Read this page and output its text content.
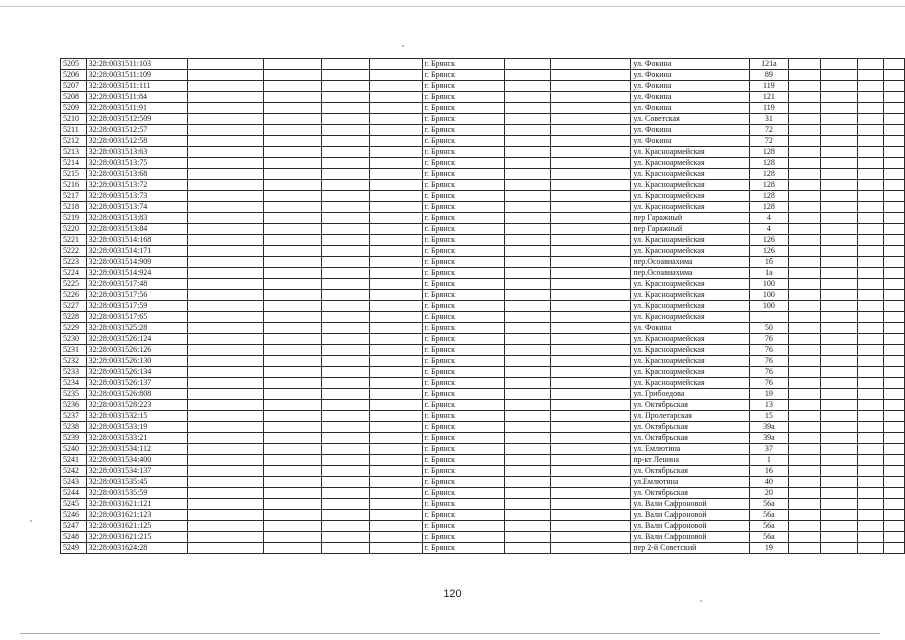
5205	32:28:0031511:103					г. Брянск			ул. Фокина	121а				
5206	32:28:0031511:109					г. Брянск			ул. Фокина	89				
5207	32:28:0031511:111					г. Брянск			ул. Фокина	119				
5208	32:28:0031511:84					г. Брянск			ул. Фокина	121				
5209	32:28:0031511:91					г. Брянск			ул. Фокина	119				
5210	32:28:0031512:509					г. Брянск			ул. Советская	31				
5211	32:28:0031512:57					г. Брянск			ул. Фокина	72				
5212	32:28:0031512:58					г. Брянск			ул. Фокина	72				
5213	32:28:0031513:63					г. Брянск			ул. Красноармейская	128				
5214	32:28:0031513:75					г. Брянск			ул. Красноармейская	128				
5215	32:28:0031513:68					г. Брянск			ул. Красноармейская	128				
5216	32:28:0031513:72					г. Брянск			ул. Красноармейская	128				
5217	32:28:0031513:73					г. Брянск			ул. Красноармейская	128				
5218	32:28:0031513:74					г. Брянск			ул. Красноармейская	128				
5219	32:28:0031513:83					г. Брянск			пер Гаражный	4				
5220	32:28:0031513:84					г. Брянск			пер Гаражный	4				
5221	32:28:0031514:168					г. Брянск			ул. Красноармейская	126				
5222	32:28:0031514:171					г. Брянск			ул. Красноармейская	126				
5223	32:28:0031514:909					г. Брянск			пер.Осоавиахима	1б				
5224	32:28:0031514:924					г. Брянск			пер.Осоавиахима	1а				
5225	32:28:0031517:48					г. Брянск			ул. Красноармейская	100				
5226	32:28:0031517:56					г. Брянск			ул. Красноармейская	100				
5227	32:28:0031517:59					г. Брянск			ул. Красноармейская	100				
5228	32:28:0031517:65					г. Брянск			ул. Красноармейская					
5229	32:28:0031525:28					г. Брянск			ул. Фокина	50				
5230	32:28:0031526:124					г. Брянск			ул. Красноармейская	76				
5231	32:28:0031526:126					г. Брянск			ул. Красноармейская	76				
5232	32:28:0031526:130					г. Брянск			ул. Красноармейская	76				
5233	32:28:0031526:134					г. Брянск			ул. Красноармейская	76				
5234	32:28:0031526:137					г. Брянск			ул. Красноармейская	76				
5235	32:28:0031526:808					г. Брянск			ул. Грибоедова	19				
5236	32:28:0031528:223					г. Брянск			ул. Октябрьская	13				
5237	32:28:0031532:15					г. Брянск			ул. Пролетарская	15				
5238	32:28:0031533:19					г. Брянск			ул. Октябрьская	39а				
5239	32:28:0031533:21					г. Брянск			ул. Октябрьская	39а				
5240	32:28:0031534:112					г. Брянск			ул. Емлютина	37				
5241	32:28:0031534:400					г. Брянск			пр-кт Ленина	1				
5242	32:28:0031534:137					г. Брянск			ул. Октябрьская	16				
5243	32:28:0031535:45					г. Брянск			ул.Емлютина	40				
5244	32:28:0031535:59					г. Брянск			ул. Октябрьская	20				
5245	32:28:0031621:121					г. Брянск			ул. Вали Сафроновой	56а				
5246	32:28:0031621:123					г. Брянск			ул. Вали Сафроновой	56а				
5247	32:28:0031621:125					г. Брянск			ул. Вали Сафроновой	56а				
5248	32:28:0031621:215					г. Брянск			ул. Вали Сафроновой	56а				
5249	32:28:0031624:28					г. Брянск			пер 2-й Советский	19				
120
